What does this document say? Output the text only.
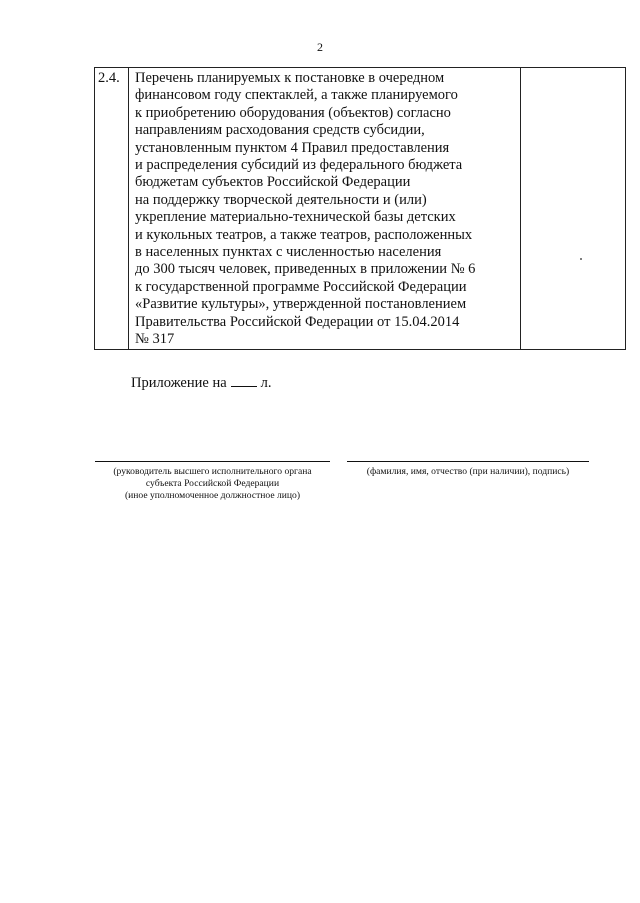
2
2.4.	Перечень планируемых к постановке в очередном
финансовом году спектаклей, а также планируемого
к приобретению оборудования (объектов) согласно
направлениям расходования средств субсидии,
установленным пунктом 4 Правил предоставления
и распределения субсидий из федерального бюджета
бюджетам субъектов Российской Федерации
на поддержку творческой деятельности и (или)
укрепление материально-технической базы детских
и кукольных театров, а также театров, расположенных
в населенных пунктах с численностью населения
до 300 тысяч человек, приведенных в приложении № 6
к государственной программе Российской Федерации
«Развитие культуры», утвержденной постановлением
Правительства Российской Федерации от 15.04.2014
№ 317

Приложение на л.
(руководитель высшего исполнительного органа
субъекта Российской Федерации
(иное уполномоченное должностное лицо)
(фамилия, имя, отчество (при наличии), подпись)
